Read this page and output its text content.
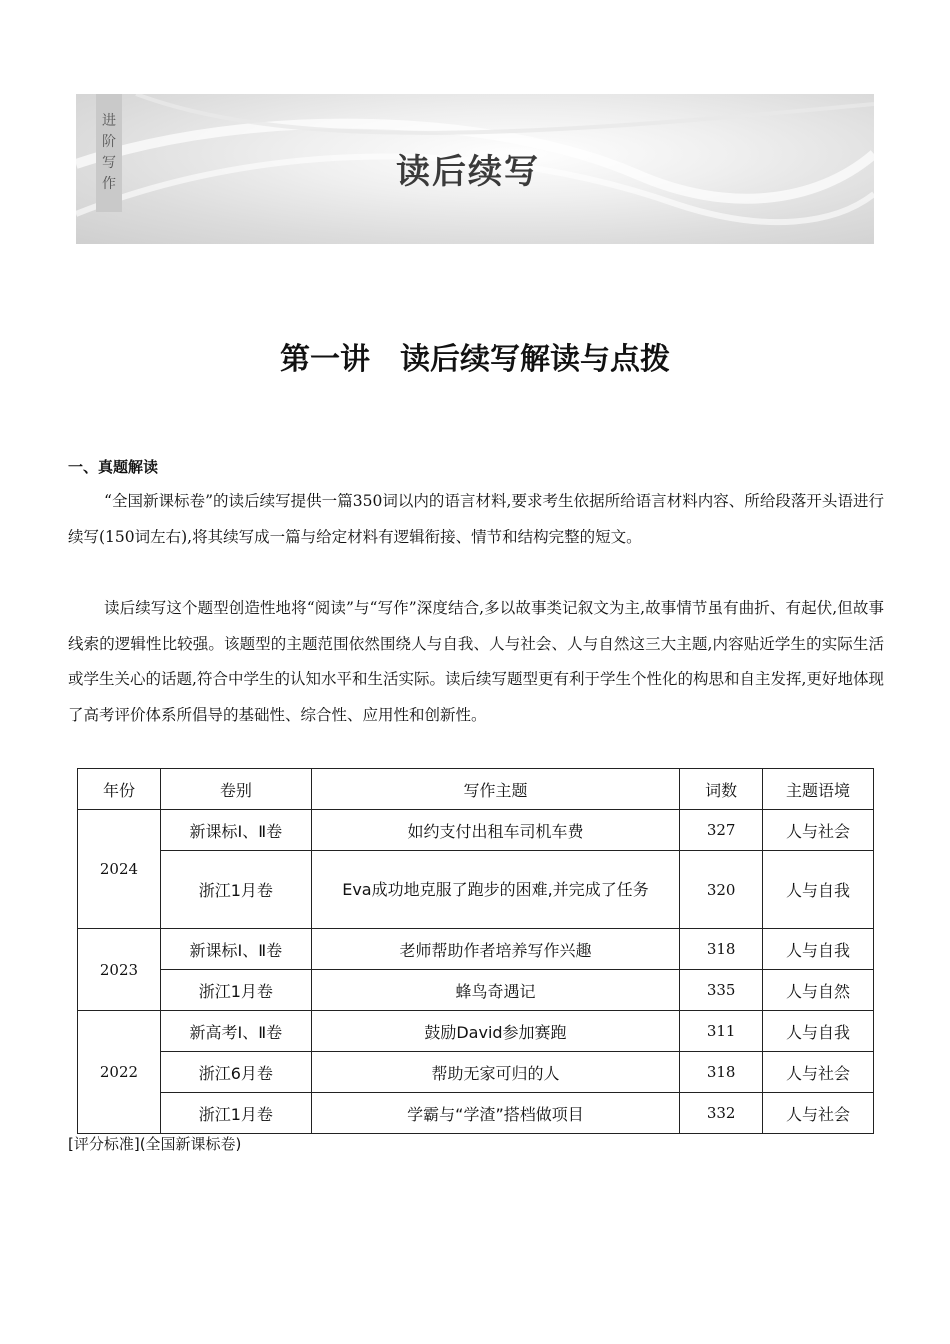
进
阶
写
作	读后续写
第一讲　读后续写解读与点拨
一、真题解读
“全国新课标卷”的读后续写提供一篇350词以内的语言材料,要求考生依据所给语言材料内容、所给段落开头语进行续写(150词左右),将其续写成一篇与给定材料有逻辑衔接、情节和结构完整的短文。
读后续写这个题型创造性地将“阅读”与“写作”深度结合,多以故事类记叙文为主,故事情节虽有曲折、有起伏,但故事线索的逻辑性比较强。该题型的主题范围依然围绕人与自我、人与社会、人与自然这三大主题,内容贴近学生的实际生活或学生关心的话题,符合中学生的认知水平和生活实际。读后续写题型更有利于学生个性化的构思和自主发挥,更好地体现了高考评价体系所倡导的基础性、综合性、应用性和创新性。
年份	卷别	写作主题	词数	主题语境
2024	新课标Ⅰ、Ⅱ卷	如约支付出租车司机车费	327	人与社会
	浙江1月卷	Eva成功地克服了跑步的困难,并完成了任务	320	人与自我
2023	新课标Ⅰ、Ⅱ卷	老师帮助作者培养写作兴趣	318	人与自我
	浙江1月卷	蜂鸟奇遇记	335	人与自然
2022	新高考Ⅰ、Ⅱ卷	鼓励David参加赛跑	311	人与自我
	浙江6月卷	帮助无家可归的人	318	人与社会
	浙江1月卷	学霸与“学渣”搭档做项目	332	人与社会
[评分标准](全国新课标卷)
